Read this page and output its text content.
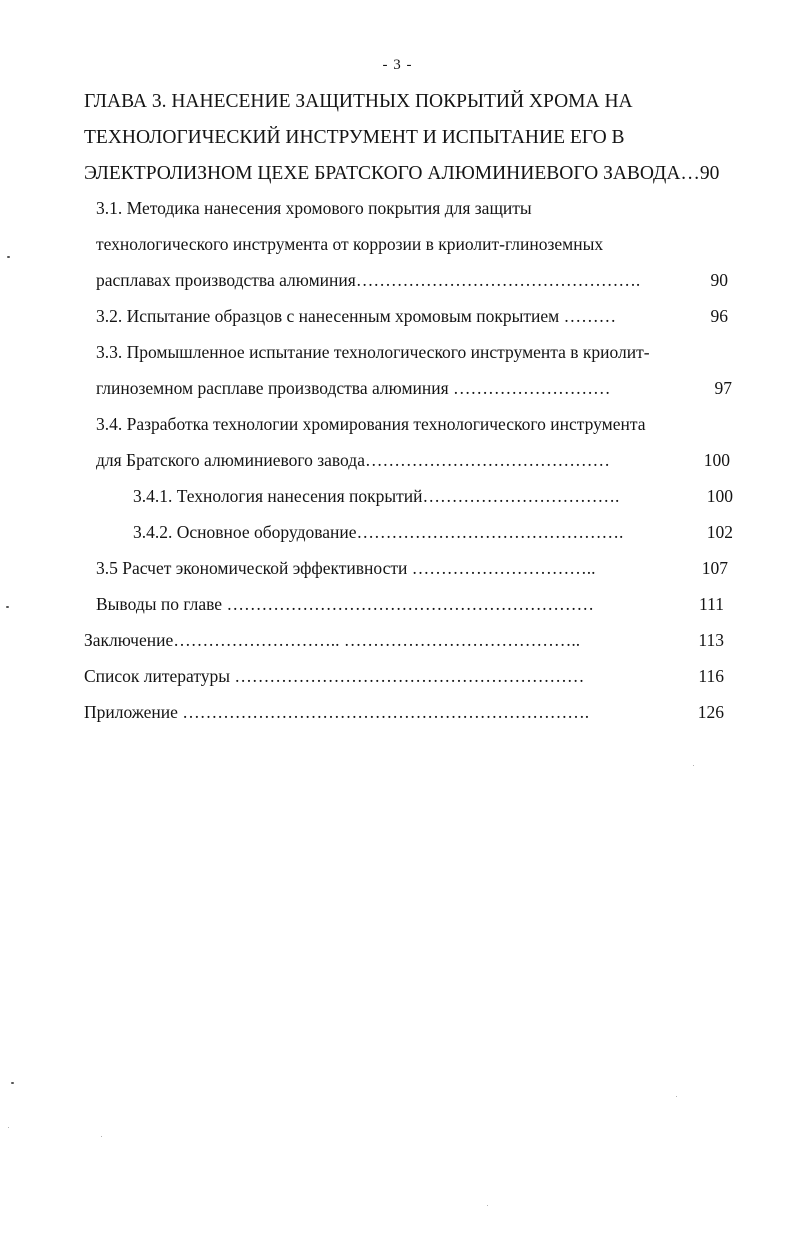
- 3 -
ГЛАВА 3. НАНЕСЕНИЕ ЗАЩИТНЫХ ПОКРЫТИЙ ХРОМА НА
ТЕХНОЛОГИЧЕСКИЙ ИНСТРУМЕНТ И ИСПЫТАНИЕ ЕГО В
ЭЛЕКТРОЛИЗНОМ ЦЕХЕ БРАТСКОГО АЛЮМИНИЕВОГО ЗАВОДА…90
3.1. Методика нанесения хромового покрытия для защиты
технологического инструмента от коррозии в криолит-глиноземных
расплавах производства алюминия………………………………………….	90
3.2. Испытание образцов с нанесенным хромовым покрытием ………	96
3.3. Промышленное испытание технологического инструмента в криолит-
глиноземном расплаве производства алюминия ………………………	97
3.4. Разработка технологии хромирования технологического инструмента
для Братского алюминиевого завода……………………………………	100
3.4.1. Технология нанесения покрытий…………………………….	100
3.4.2. Основное оборудование……………………………………….	102
3.5 Расчет экономической эффективности …………………………..	107
Выводы по главе ………………………………………………………	111
Заключение……………………….. …………………………………..	113
Список литературы ……………………………………………………	116
Приложение …………………………………………………………….	126
